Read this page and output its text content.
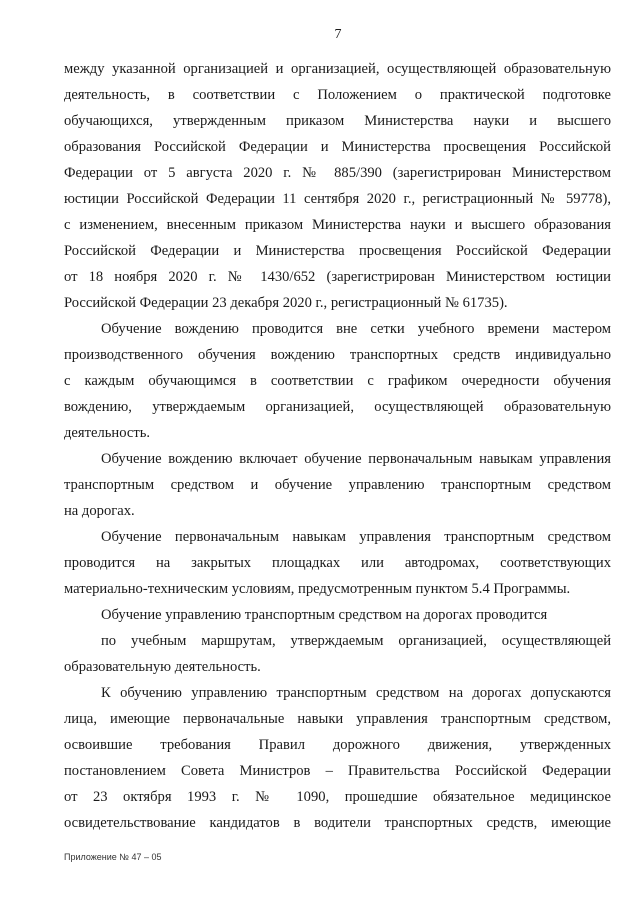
7
между указанной организацией и организацией, осуществляющей образовательную
деятельность, в соответствии с Положением о практической подготовке
обучающихся, утвержденным приказом Министерства науки и высшего
образования Российской Федерации и Министерства просвещения Российской
Федерации от 5 августа 2020 г. № 885/390 (зарегистрирован Министерством
юстиции Российской Федерации 11 сентября 2020 г., регистрационный № 59778),
с изменением, внесенным приказом Министерства науки и высшего образования
Российской Федерации и Министерства просвещения Российской Федерации
от 18 ноября 2020 г. № 1430/652 (зарегистрирован Министерством юстиции
Российской Федерации 23 декабря 2020 г., регистрационный № 61735).
Обучение вождению проводится вне сетки учебного времени мастером
производственного обучения вождению транспортных средств индивидуально
с каждым обучающимся в соответствии с графиком очередности обучения
вождению, утверждаемым организацией, осуществляющей образовательную
деятельность.
Обучение вождению включает обучение первоначальным навыкам управления
транспортным средством и обучение управлению транспортным средством
на дорогах.
Обучение первоначальным навыкам управления транспортным средством
проводится на закрытых площадках или автодромах, соответствующих
материально-техническим условиям, предусмотренным пунктом 5.4 Программы.
Обучение управлению транспортным средством на дорогах проводится
по учебным маршрутам, утверждаемым организацией, осуществляющей
образовательную деятельность.
К обучению управлению транспортным средством на дорогах допускаются
лица, имеющие первоначальные навыки управления транспортным средством,
освоившие требования Правил дорожного движения, утвержденных
постановлением Совета Министров – Правительства Российской Федерации
от 23 октября 1993 г. № 1090, прошедшие обязательное медицинское
освидетельствование кандидатов в водители транспортных средств, имеющие
Приложение № 47 – 05
